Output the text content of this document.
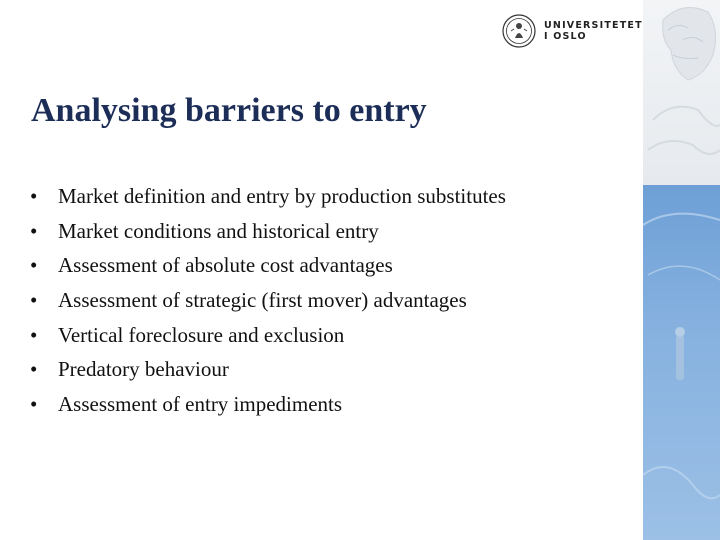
UNIVERSITETET
I OSLO
Analysing barriers to entry
• Market definition and entry by production substitutes
• Market conditions and historical entry
• Assessment of absolute cost advantages
• Assessment of strategic (first mover) advantages
• Vertical foreclosure and exclusion
• Predatory behaviour
• Assessment of entry impediments
